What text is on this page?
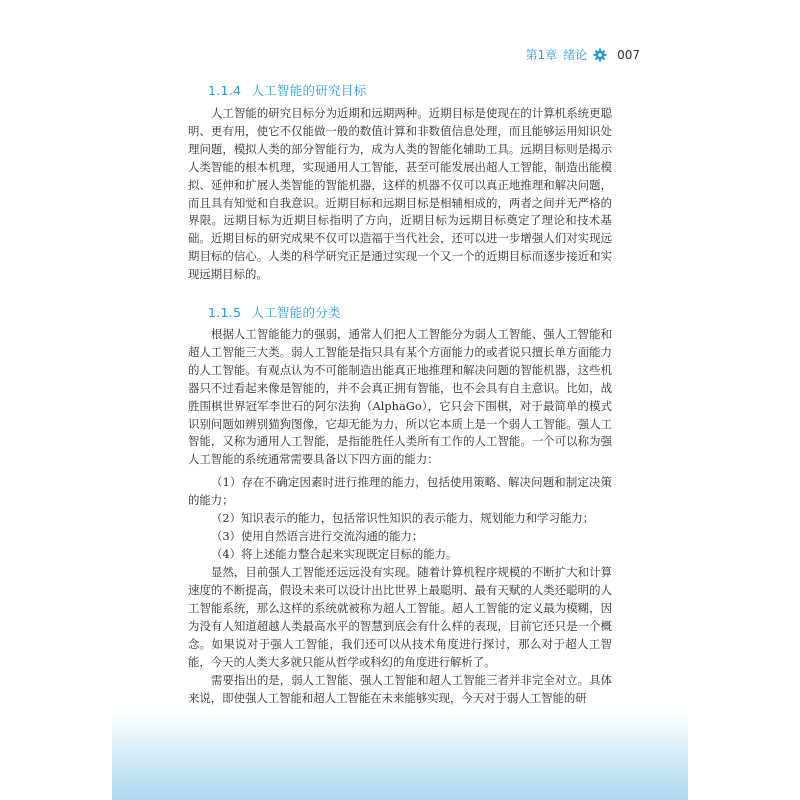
第1章 绪论	007
1.1.4 人工智能的研究目标

人工智能的研究目标分为近期和远期两种。近期目标是使现在的计算机系统更聪明、更有用，使它不仅能做一般的数值计算和非数值信息处理，而且能够运用知识处理问题，模拟人类的部分智能行为，成为人类的智能化辅助工具。远期目标则是揭示人类智能的根本机理，实现通用人工智能，甚至可能发展出超人工智能，制造出能模拟、延伸和扩展人类智能的智能机器，这样的机器不仅可以真正地推理和解决问题，而且具有知觉和自我意识。近期目标和远期目标是相辅相成的，两者之间并无严格的界限。远期目标为近期目标指明了方向，近期目标为远期目标奠定了理论和技术基础。近期目标的研究成果不仅可以造福于当代社会，还可以进一步增强人们对实现远期目标的信心。人类的科学研究正是通过实现一个又一个的近期目标而逐步接近和实现远期目标的。

1.1.5 人工智能的分类

根据人工智能能力的强弱，通常人们把人工智能分为弱人工智能、强人工智能和超人工智能三大类。弱人工智能是指只具有某个方面能力的或者说只擅长单方面能力的人工智能。有观点认为不可能制造出能真正地推理和解决问题的智能机器，这些机器只不过看起来像是智能的，并不会真正拥有智能，也不会具有自主意识。比如，战胜围棋世界冠军李世石的阿尔法狗（AlphaGo），它只会下围棋，对于最简单的模式识别问题如辨别猫狗图像，它却无能为力，所以它本质上是一个弱人工智能。强人工智能，又称为通用人工智能，是指能胜任人类所有工作的人工智能。一个可以称为强人工智能的系统通常需要具备以下四方面的能力：

（1）存在不确定因素时进行推理的能力，包括使用策略、解决问题和制定决策的能力；

（2）知识表示的能力，包括常识性知识的表示能力、规划能力和学习能力；

（3）使用自然语言进行交流沟通的能力；

（4）将上述能力整合起来实现既定目标的能力。

显然，目前强人工智能还远远没有实现。随着计算机程序规模的不断扩大和计算速度的不断提高，假设未来可以设计出比世界上最聪明、最有天赋的人类还聪明的人工智能系统，那么这样的系统就被称为超人工智能。超人工智能的定义最为模糊，因为没有人知道超越人类最高水平的智慧到底会有什么样的表现，目前它还只是一个概念。如果说对于强人工智能，我们还可以从技术角度进行探讨，那么对于超人工智能，今天的人类大多就只能从哲学或科幻的角度进行解析了。

需要指出的是，弱人工智能、强人工智能和超人工智能三者并非完全对立。具体来说，即使强人工智能和超人工智能在未来能够实现，今天对于弱人工智能的研
